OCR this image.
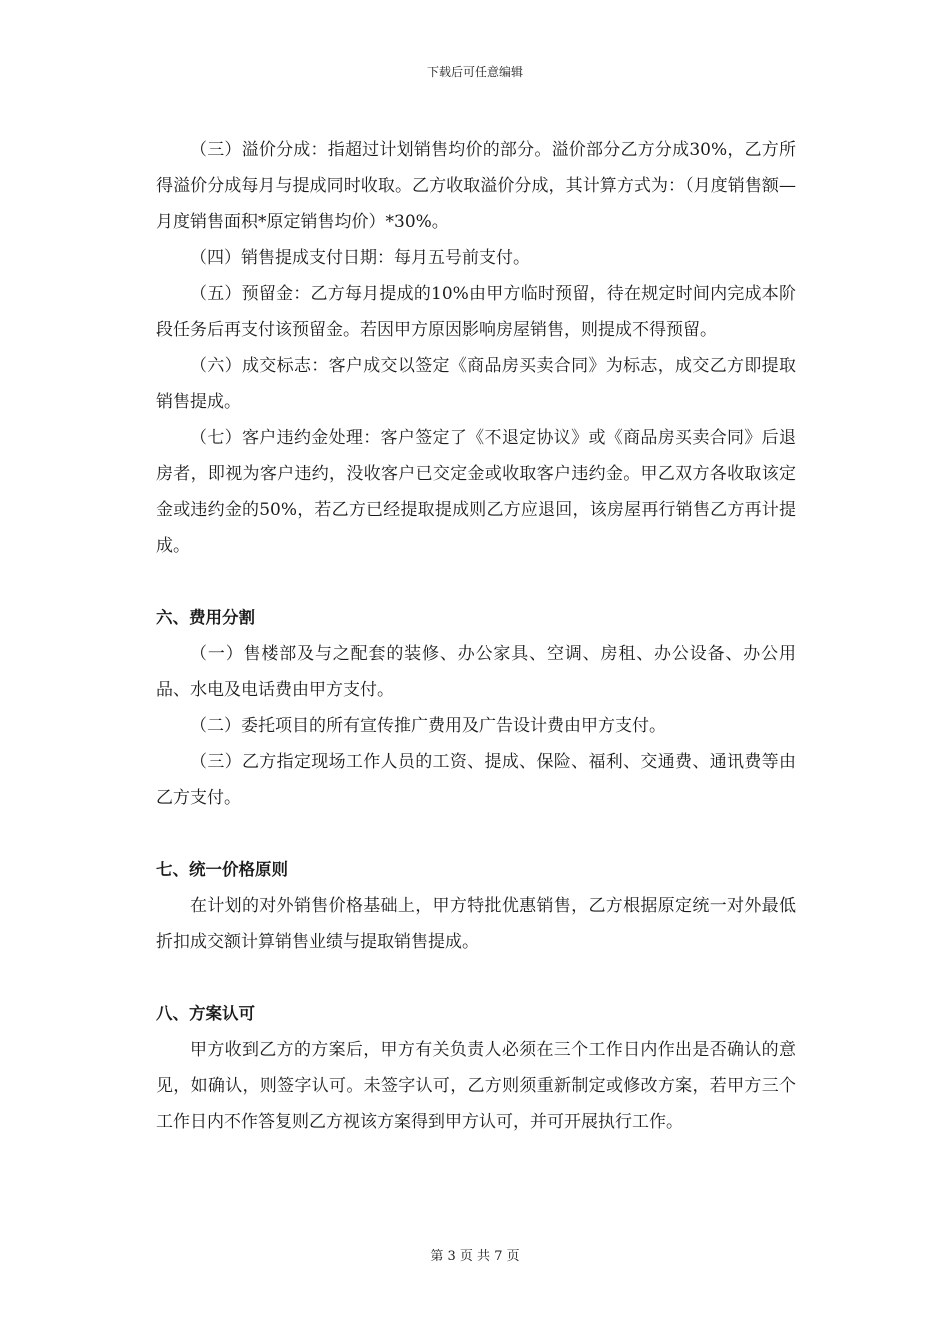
下载后可任意编辑

（三）溢价分成：指超过计划销售均价的部分。溢价部分乙方分成30%，乙方所得溢价分成每月与提成同时收取。乙方收取溢价分成，其计算方式为：（月度销售额—月度销售面积*原定销售均价）*30%。

（四）销售提成支付日期：每月五号前支付。

（五）预留金：乙方每月提成的10%由甲方临时预留，待在规定时间内完成本阶段任务后再支付该预留金。若因甲方原因影响房屋销售，则提成不得预留。

（六）成交标志：客户成交以签定《商品房买卖合同》为标志，成交乙方即提取销售提成。

（七）客户违约金处理：客户签定了《不退定协议》或《商品房买卖合同》后退房者，即视为客户违约，没收客户已交定金或收取客户违约金。甲乙双方各收取该定金或违约金的50%，若乙方已经提取提成则乙方应退回，该房屋再行销售乙方再计提成。

六、费用分割

（一）售楼部及与之配套的装修、办公家具、空调、房租、办公设备、办公用品、水电及电话费由甲方支付。

（二）委托项目的所有宣传推广费用及广告设计费由甲方支付。

（三）乙方指定现场工作人员的工资、提成、保险、福利、交通费、通讯费等由乙方支付。

七、统一价格原则

在计划的对外销售价格基础上，甲方特批优惠销售，乙方根据原定统一对外最低折扣成交额计算销售业绩与提取销售提成。

八、方案认可

甲方收到乙方的方案后，甲方有关负责人必须在三个工作日内作出是否确认的意见，如确认，则签字认可。未签字认可，乙方则须重新制定或修改方案，若甲方三个工作日内不作答复则乙方视该方案得到甲方认可，并可开展执行工作。

第 3 页 共 7 页
